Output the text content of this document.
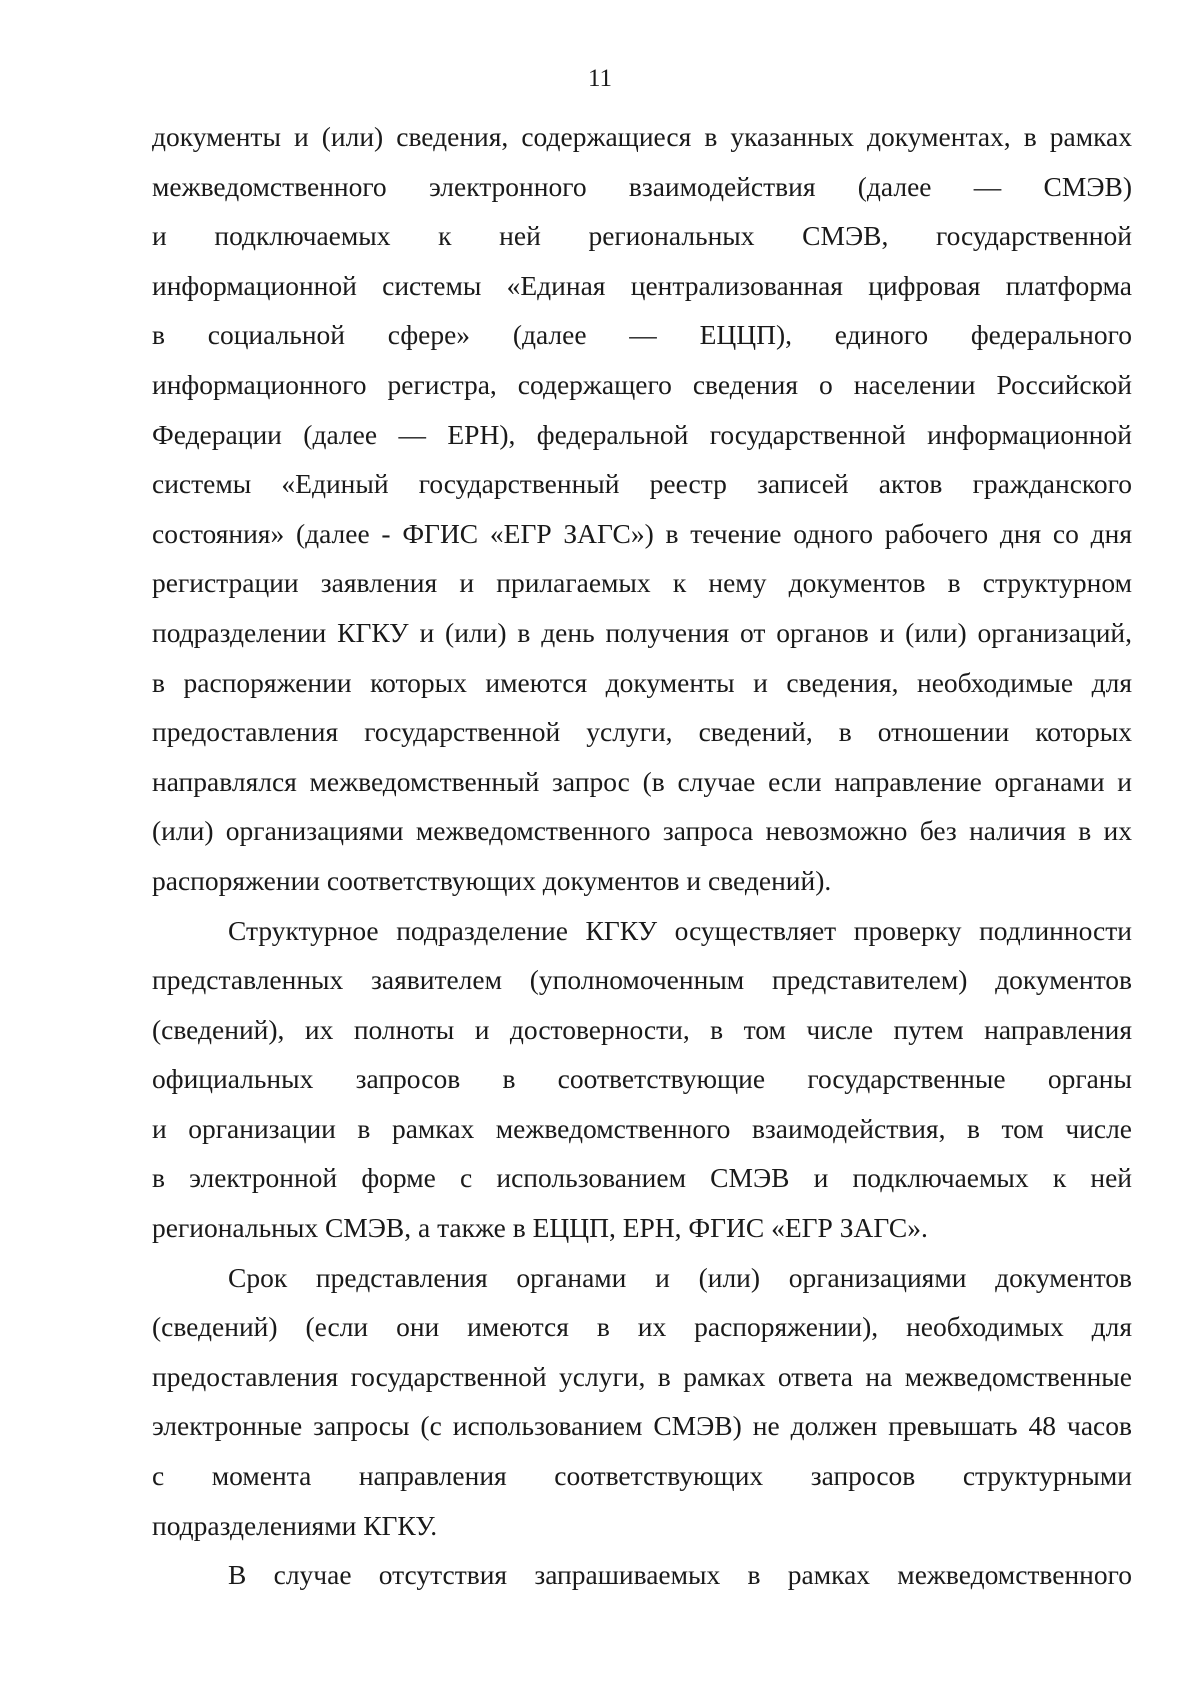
11
документы и (или) сведения, содержащиеся в указанных документах, в рамках
межведомственного электронного взаимодействия (далее — СМЭВ)
и подключаемых к ней региональных СМЭВ, государственной
информационной системы «Единая централизованная цифровая платформа
в социальной сфере» (далее — ЕЦЦП), единого федерального
информационного регистра, содержащего сведения о населении Российской
Федерации (далее — ЕРН), федеральной государственной информационной
системы «Единый государственный реестр записей актов гражданского
состояния» (далее - ФГИС «ЕГР ЗАГС») в течение одного рабочего дня со дня
регистрации заявления и прилагаемых к нему документов в структурном
подразделении КГКУ и (или) в день получения от органов и (или) организаций,
в распоряжении которых имеются документы и сведения, необходимые для
предоставления государственной услуги, сведений, в отношении которых
направлялся межведомственный запрос (в случае если направление органами и
(или) организациями межведомственного запроса невозможно без наличия в их
распоряжении соответствующих документов и сведений).
Структурное подразделение КГКУ осуществляет проверку подлинности
представленных заявителем (уполномоченным представителем) документов
(сведений), их полноты и достоверности, в том числе путем направления
официальных запросов в соответствующие государственные органы
и организации в рамках межведомственного взаимодействия, в том числе
в электронной форме с использованием СМЭВ и подключаемых к ней
региональных СМЭВ, а также в ЕЦЦП, ЕРН, ФГИС «ЕГР ЗАГС».
Срок представления органами и (или) организациями документов
(сведений) (если они имеются в их распоряжении), необходимых для
предоставления государственной услуги, в рамках ответа на межведомственные
электронные запросы (с использованием СМЭВ) не должен превышать 48 часов
с момента направления соответствующих запросов структурными
подразделениями КГКУ.
В случае отсутствия запрашиваемых в рамках межведомственного
